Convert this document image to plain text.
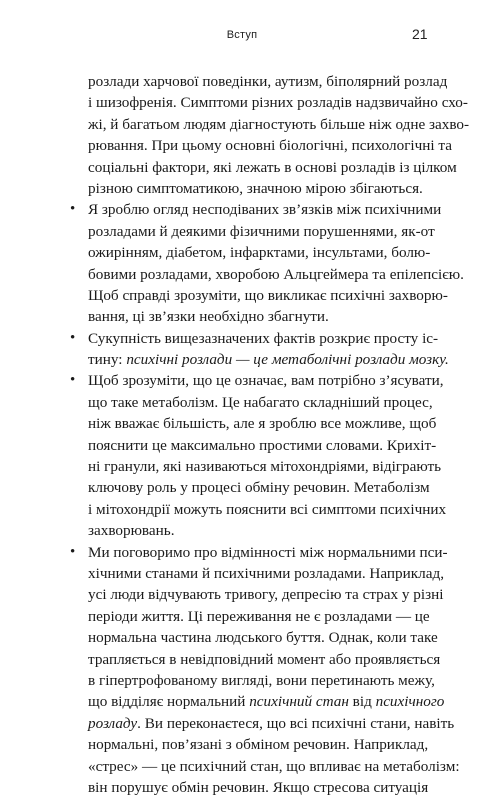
Вступ	21
розлади харчової поведінки, аутизм, біполярний розлад
і шизофренія. Симптоми різних розладів надзвичайно схо-
жі, й багатьом людям діагностують більше ніж одне захво-
рювання. При цьому основні біологічні, психологічні та
соціальні фактори, які лежать в основі розладів із цілком
різною симптоматикою, значною мірою збігаються.
• Я зроблю огляд несподіваних зв’язків між психічними
розладами й деякими фізичними порушеннями, як-от
ожирінням, діабетом, інфарктами, інсультами, болю-
бовими розладами, хворобою Альцгеймера та епілепсією.
Щоб справді зрозуміти, що викликає психічні захворю-
вання, ці зв’язки необхідно збагнути.
• Сукупність вищезазначених фактів розкриє просту іс-
тину: психічні розлади — це метаболічні розлади мозку.
• Щоб зрозуміти, що це означає, вам потрібно з’ясувати,
що таке метаболізм. Це набагато складніший процес,
ніж вважає більшість, але я зроблю все можливе, щоб
пояснити це максимально простими словами. Крихіт-
ні гранули, які називаються мітохондріями, відіграють
ключову роль у процесі обміну речовин. Метаболізм
і мітохондрії можуть пояснити всі симптоми психічних
захворювань.
• Ми поговоримо про відмінності між нормальними пси-
хічними станами й психічними розладами. Наприклад,
усі люди відчувають тривогу, депресію та страх у різні
періоди життя. Ці переживання не є розладами — це
нормальна частина людського буття. Однак, коли таке
трапляється в невідповідний момент або проявляється
в гіпертрофованому вигляді, вони перетинають межу,
що відділяє нормальний психічний стан від психічного
розладу. Ви переконаєтеся, що всі психічні стани, навіть
нормальні, пов’язані з обміном речовин. Наприклад,
«стрес» — це психічний стан, що впливає на метаболізм:
він порушує обмін речовин. Якщо стресова ситуація
